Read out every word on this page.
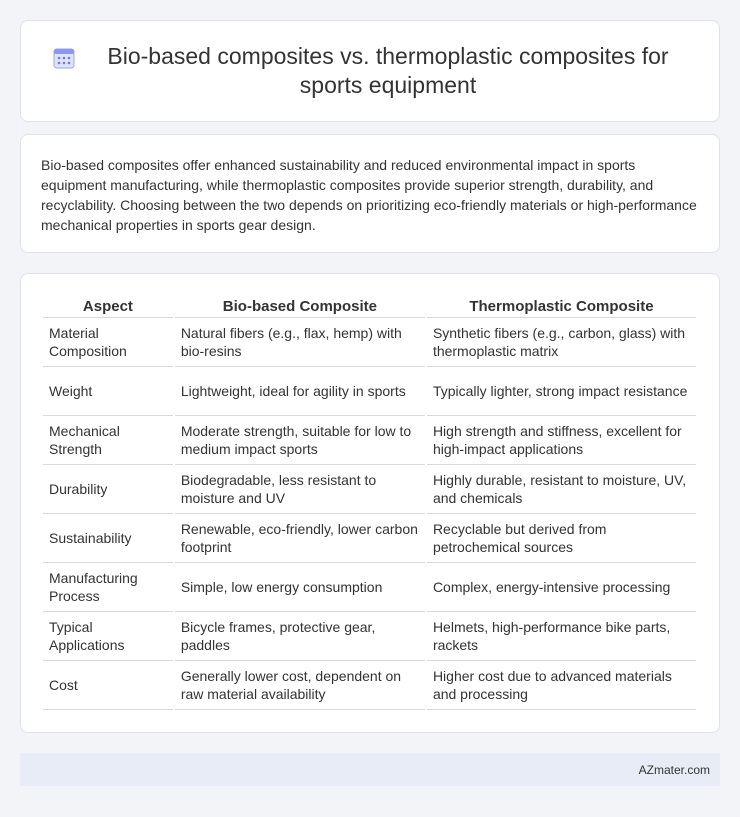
Bio-based composites vs. thermoplastic composites for sports equipment

Bio-based composites offer enhanced sustainability and reduced environmental impact in sports equipment manufacturing, while thermoplastic composites provide superior strength, durability, and recyclability. Choosing between the two depends on prioritizing eco-friendly materials or high-performance mechanical properties in sports gear design.

Aspect	Bio-based Composite	Thermoplastic Composite
Material Composition	Natural fibers (e.g., flax, hemp) with bio-resins	Synthetic fibers (e.g., carbon, glass) with thermoplastic matrix
Weight	Lightweight, ideal for agility in sports	Typically lighter, strong impact resistance
Mechanical Strength	Moderate strength, suitable for low to medium impact sports	High strength and stiffness, excellent for high-impact applications
Durability	Biodegradable, less resistant to moisture and UV	Highly durable, resistant to moisture, UV, and chemicals
Sustainability	Renewable, eco-friendly, lower carbon footprint	Recyclable but derived from petrochemical sources
Manufacturing Process	Simple, low energy consumption	Complex, energy-intensive processing
Typical Applications	Bicycle frames, protective gear, paddles	Helmets, high-performance bike parts, rackets
Cost	Generally lower cost, dependent on raw material availability	Higher cost due to advanced materials and processing
AZmater.com
